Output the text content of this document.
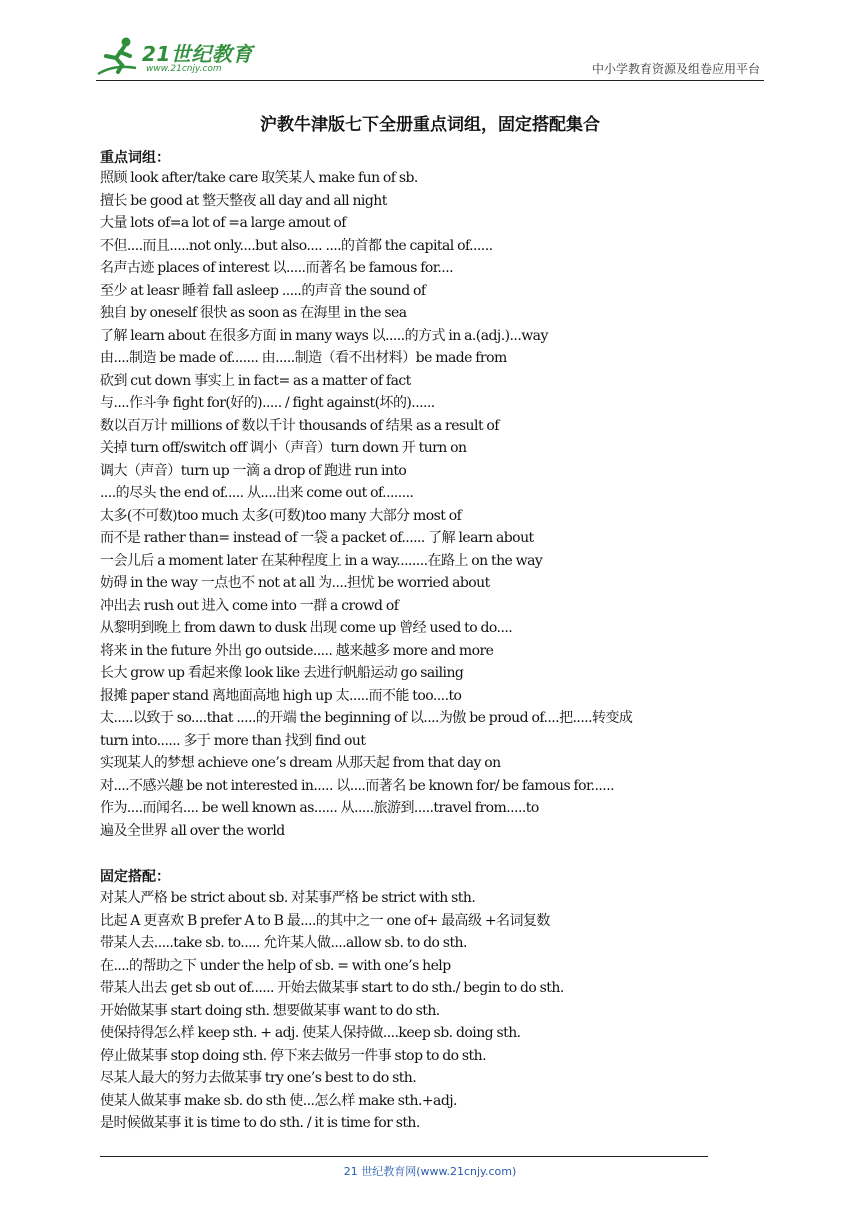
21世纪教育
www.21cnjy.com	中小学教育资源及组卷应用平台
沪教牛津版七下全册重点词组，固定搭配集合
重点词组：
照顾 look after/take care 取笑某人 make fun of sb.
擅长 be good at 整天整夜 all day and all night
大量 lots of=a lot of =a large amout of
不但....而且.....not only....but also.... ....的首都 the capital of......
名声古迹 places of interest 以.....而著名 be famous for....
至少 at leasr 睡着 fall asleep .....的声音 the sound of
独自 by oneself 很快 as soon as 在海里 in the sea
了解 learn about 在很多方面 in many ways 以.....的方式 in a.(adj.)...way
由....制造 be made of....... 由.....制造（看不出材料）be made from
砍到 cut down 事实上 in fact= as a matter of fact
与....作斗争 fight for(好的)..... / fight against(坏的)......
数以百万计 millions of 数以千计 thousands of 结果 as a result of
关掉 turn off/switch off 调小（声音）turn down 开 turn on
调大（声音）turn up 一滴 a drop of 跑进 run into
....的尽头 the end of..... 从....出来 come out of........
太多(不可数)too much 太多(可数)too many 大部分 most of
而不是 rather than= instead of 一袋 a packet of...... 了解 learn about
一会儿后 a moment later 在某种程度上 in a way........在路上 on the way
妨碍 in the way 一点也不 not at all 为....担忧 be worried about
冲出去 rush out 进入 come into 一群 a crowd of
从黎明到晚上 from dawn to dusk 出现 come up 曾经 used to do....
将来 in the future 外出 go outside..... 越来越多 more and more
长大 grow up 看起来像 look like 去进行帆船运动 go sailing
报摊 paper stand 离地面高地 high up 太.....而不能 too....to
太.....以致于 so....that .....的开端 the beginning of 以....为傲 be proud of....把.....转变成
turn into...... 多于 more than 找到 find out
实现某人的梦想 achieve one’s dream 从那天起 from that day on
对....不感兴趣 be not interested in..... 以....而著名 be known for/ be famous for......
作为....而闻名.... be well known as...... 从.....旅游到.....travel from.....to
遍及全世界 all over the world
固定搭配：
对某人严格 be strict about sb. 对某事严格 be strict with sth.
比起 A 更喜欢 B prefer A to B 最....的其中之一 one of+ 最高级 +名词复数
带某人去.....take sb. to..... 允许某人做....allow sb. to do sth.
在....的帮助之下 under the help of sb. = with one’s help
带某人出去 get sb out of...... 开始去做某事 start to do sth./ begin to do sth.
开始做某事 start doing sth. 想要做某事 want to do sth.
使保持得怎么样 keep sth. + adj. 使某人保持做....keep sb. doing sth.
停止做某事 stop doing sth. 停下来去做另一件事 stop to do sth.
尽某人最大的努力去做某事 try one’s best to do sth.
使某人做某事 make sb. do sth 使...怎么样 make sth.+adj.
是时候做某事 it is time to do sth. / it is time for sth.
21 世纪教育网(www.21cnjy.com)
